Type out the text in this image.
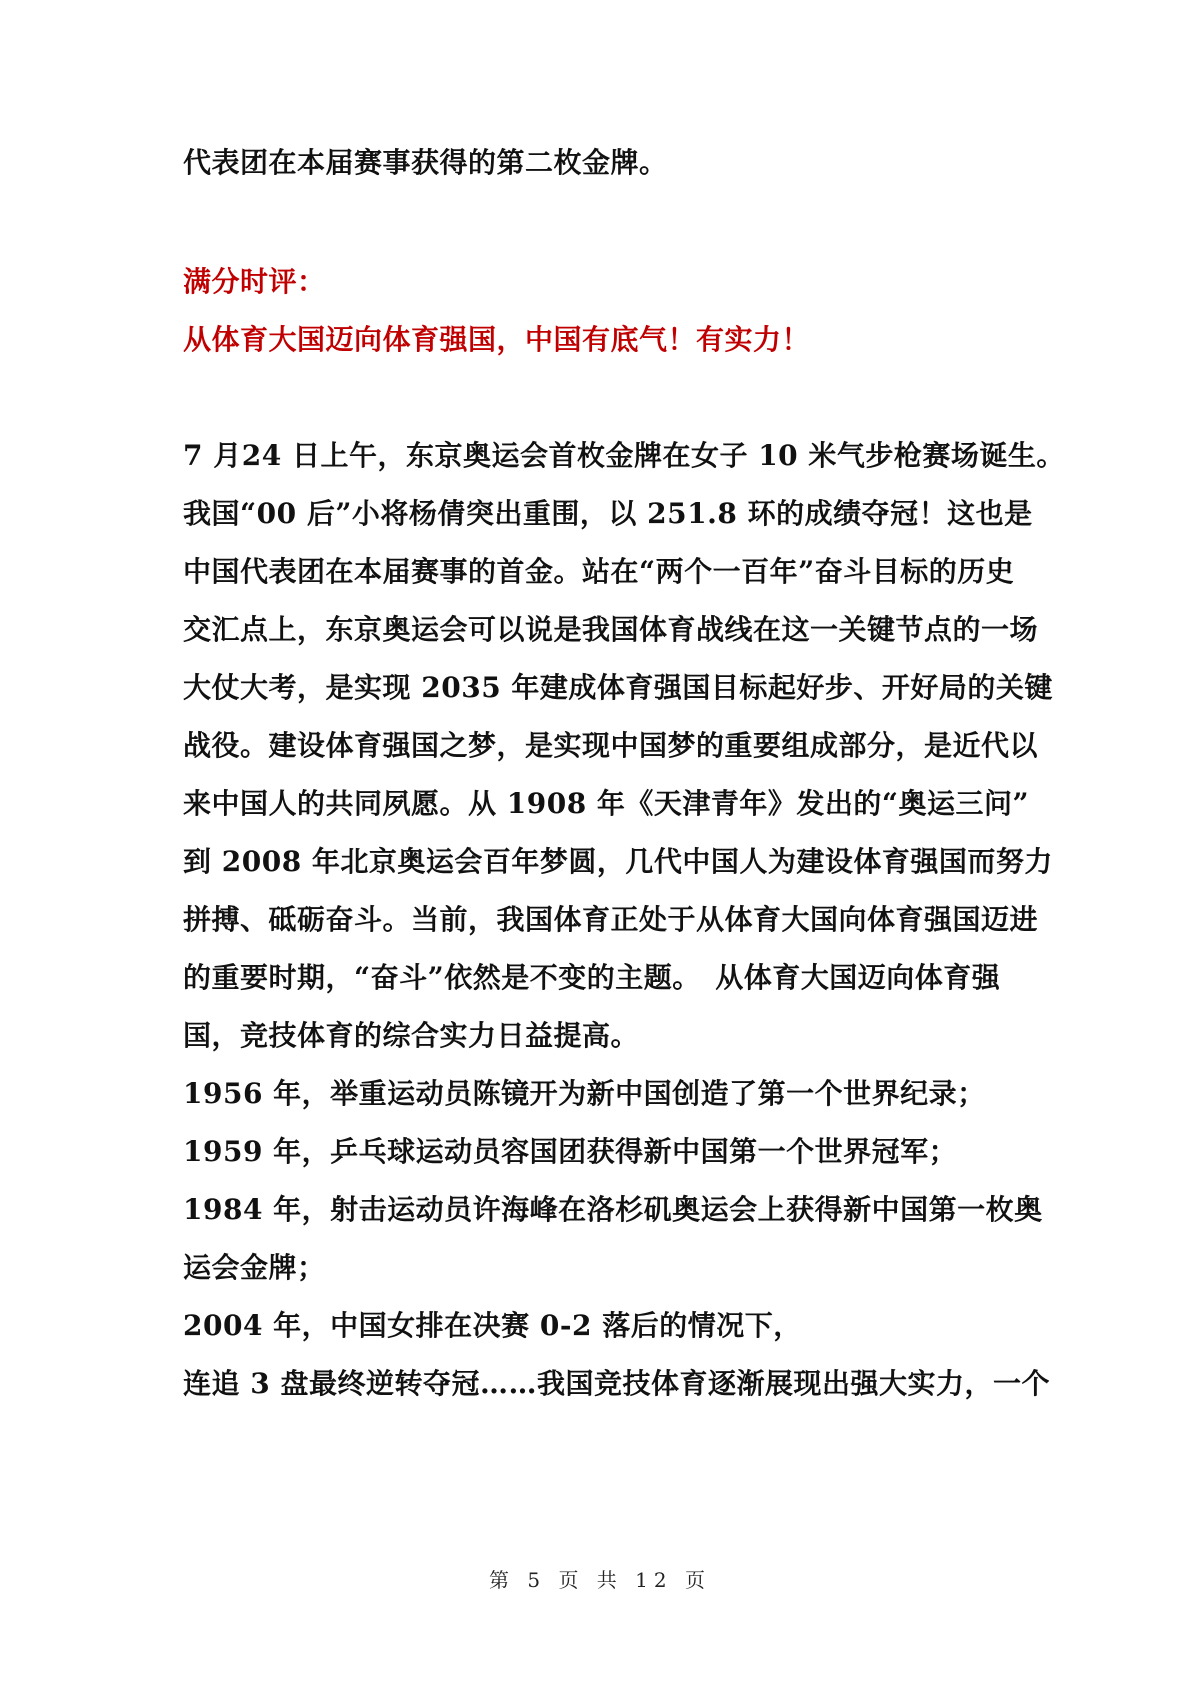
代表团在本届赛事获得的第二枚金牌。
满分时评：
从体育大国迈向体育强国，中国有底气！有实力！
7 月24 日上午，东京奥运会首枚金牌在女子 10 米气步枪赛场诞生。
我国“00 后”小将杨倩突出重围，以 251.8 环的成绩夺冠！这也是
中国代表团在本届赛事的首金。站在“两个一百年”奋斗目标的历史
交汇点上，东京奥运会可以说是我国体育战线在这一关键节点的一场
大仗大考，是实现 2035 年建成体育强国目标起好步、开好局的关键
战役。建设体育强国之梦，是实现中国梦的重要组成部分，是近代以
来中国人的共同夙愿。从 1908 年《天津青年》发出的“奥运三问”
到 2008 年北京奥运会百年梦圆，几代中国人为建设体育强国而努力
拼搏、砥砺奋斗。当前，我国体育正处于从体育大国向体育强国迈进
的重要时期，“奋斗”依然是不变的主题。　从体育大国迈向体育强
国，竞技体育的综合实力日益提高。
1956 年，举重运动员陈镜开为新中国创造了第一个世界纪录；
1959 年，乒乓球运动员容国团获得新中国第一个世界冠军；
1984 年，射击运动员许海峰在洛杉矶奥运会上获得新中国第一枚奥
运会金牌；
2004 年，中国女排在决赛 0-2 落后的情况下，
连追 3 盘最终逆转夺冠……我国竞技体育逐渐展现出强大实力，一个
第 5 页 共 12 页
